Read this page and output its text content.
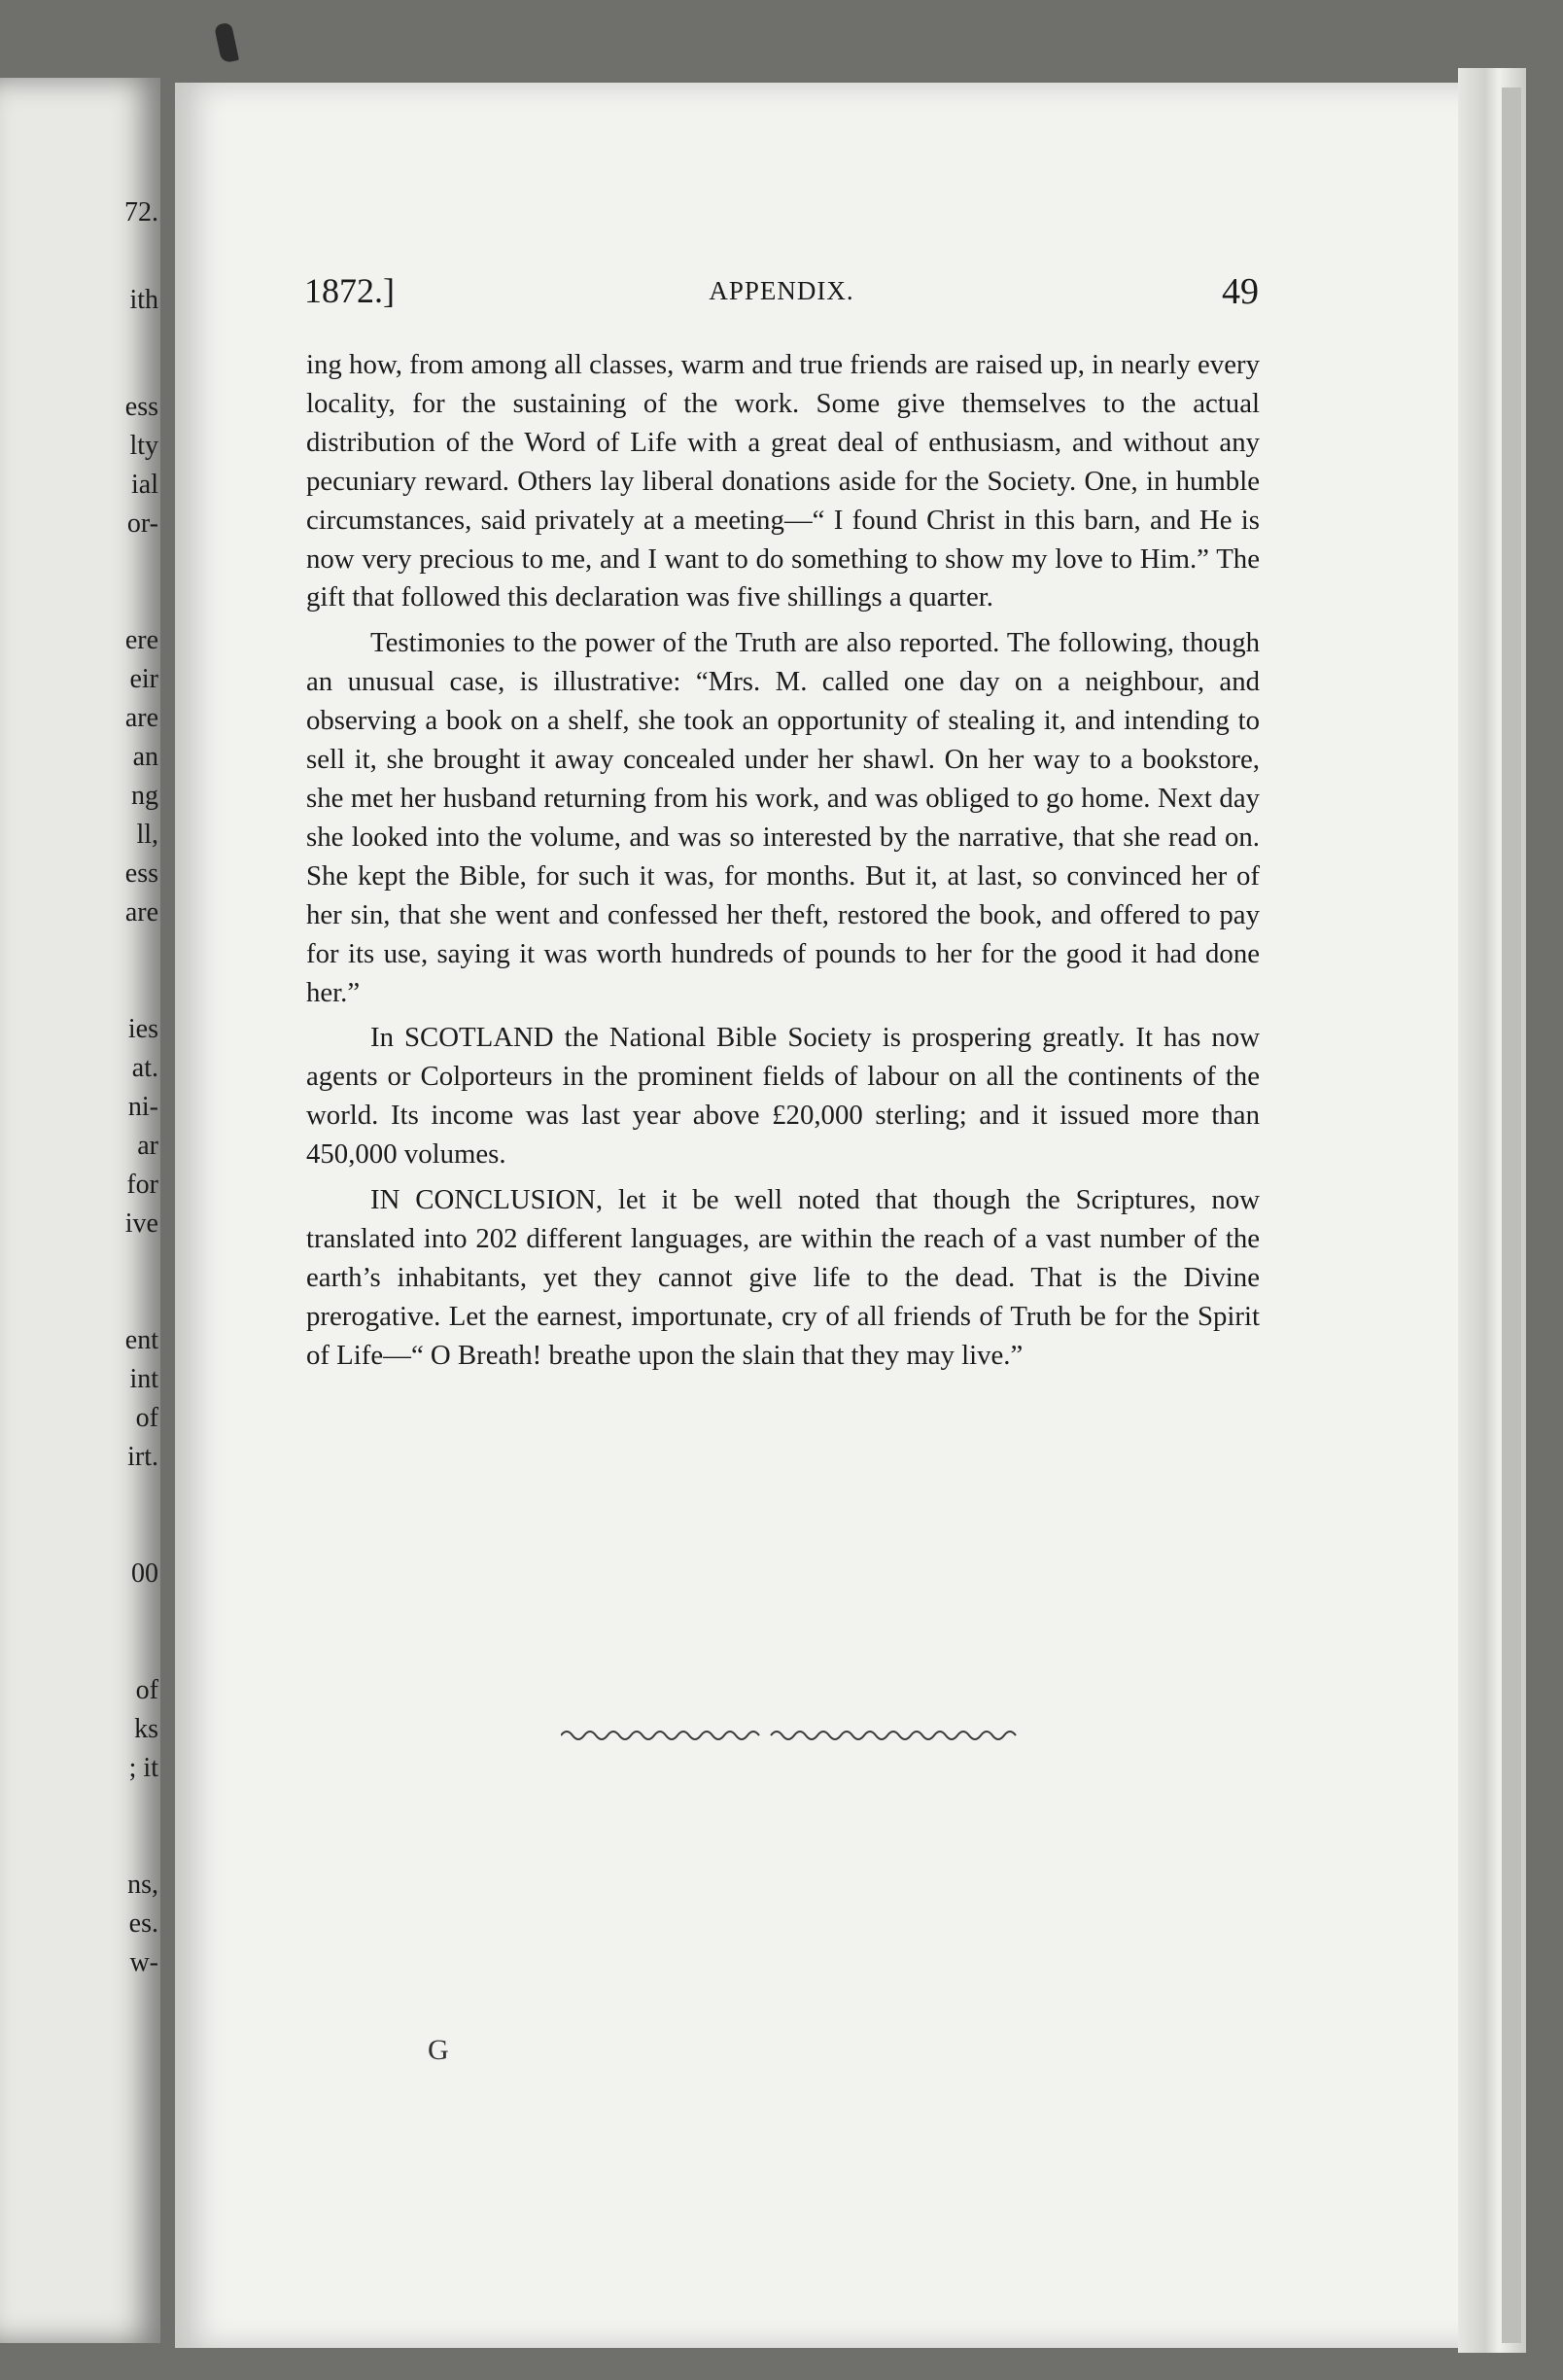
72.
ith
ess
lty
ial
or-
ere
eir
are
an
ng
ll,
ess
are
ies
at.
ni-
ar
for
ive
ent
int
of
irt.
00
of
ks
; it
ns,
es.
w-
1872.]	APPENDIX.	49

ing how, from among all classes, warm and true friends are raised up, in nearly every locality, for the sustaining of the work. Some give themselves to the actual distribution of the Word of Life with a great deal of enthusiasm, and without any pecuniary reward. Others lay liberal donations aside for the Society. One, in humble circumstances, said privately at a meeting—“ I found Christ in this barn, and He is now very precious to me, and I want to do something to show my love to Him.” The gift that followed this declaration was five shillings a quarter.

Testimonies to the power of the Truth are also reported. The following, though an unusual case, is illustrative: “Mrs. M. called one day on a neighbour, and observing a book on a shelf, she took an opportunity of stealing it, and intending to sell it, she brought it away concealed under her shawl. On her way to a bookstore, she met her husband returning from his work, and was obliged to go home. Next day she looked into the volume, and was so interested by the narrative, that she read on. She kept the Bible, for such it was, for months. But it, at last, so convinced her of her sin, that she went and confessed her theft, restored the book, and offered to pay for its use, saying it was worth hundreds of pounds to her for the good it had done her.”

In SCOTLAND the National Bible Society is prospering greatly. It has now agents or Colporteurs in the prominent fields of labour on all the continents of the world. Its income was last year above £20,000 sterling; and it issued more than 450,000 volumes.

IN CONCLUSION, let it be well noted that though the Scriptures, now translated into 202 different languages, are within the reach of a vast number of the earth’s inhabitants, yet they cannot give life to the dead. That is the Divine prerogative. Let the earnest, importunate, cry of all friends of Truth be for the Spirit of Life—“ O Breath! breathe upon the slain that they may live.”

G
